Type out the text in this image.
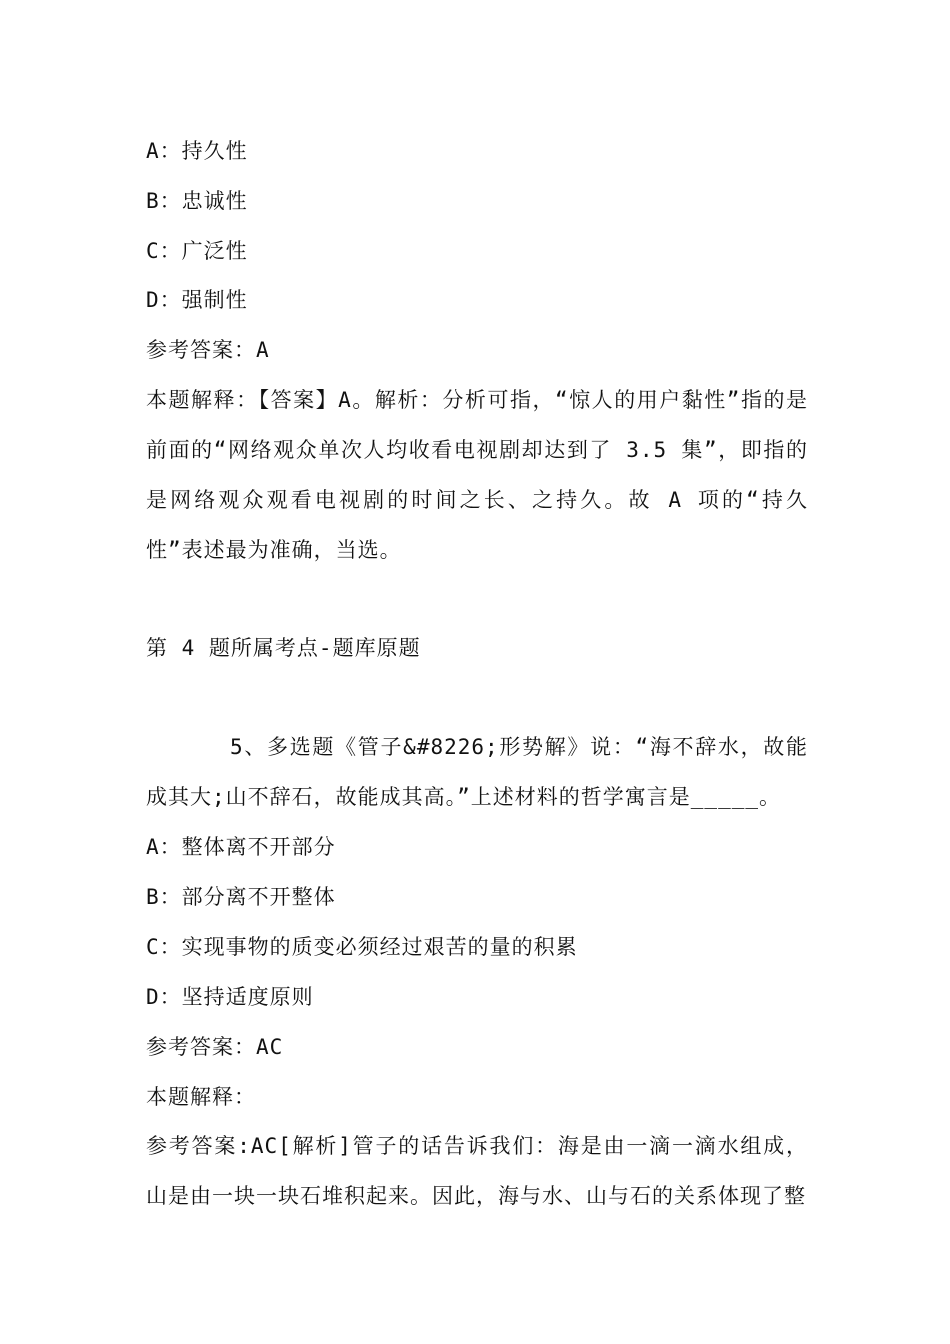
A：持久性
B：忠诚性
C：广泛性
D：强制性
参考答案：A
本题解释：【答案】A。解析：分析可指，“惊人的用户黏性”指的是前面的“网络观众单次人均收看电视剧却达到了 3.5 集”，即指的是网络观众观看电视剧的时间之长、之持久。故 A 项的“持久性”表述最为准确，当选。
第 4 题所属考点-题库原题
5、多选题《管子&#8226;形势解》说：“海不辞水，故能成其大;山不辞石，故能成其高。”上述材料的哲学寓言是_____。
A：整体离不开部分
B：部分离不开整体
C：实现事物的质变必须经过艰苦的量的积累
D：坚持适度原则
参考答案：AC
本题解释：
参考答案:AC[解析]管子的话告诉我们：海是由一滴一滴水组成，山是由一块一块石堆积起来。因此，海与水、山与石的关系体现了整
